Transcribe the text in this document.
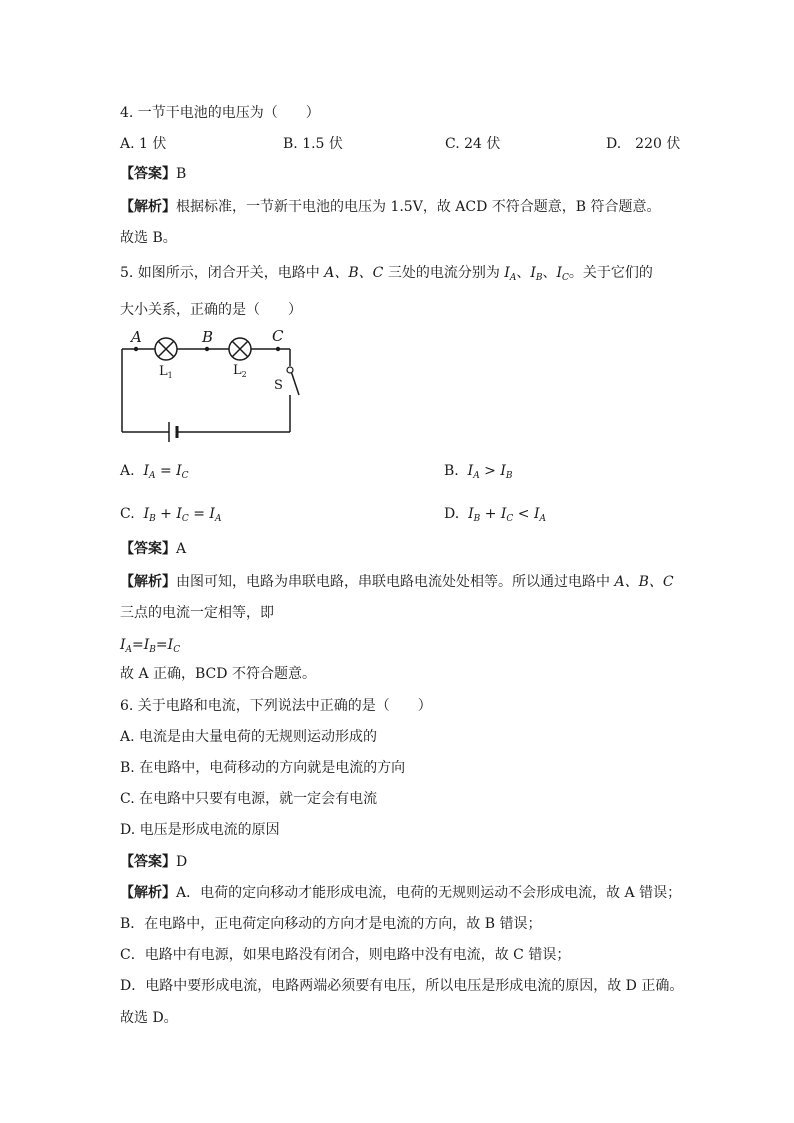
4. 一节干电池的电压为（　　）
A. 1 伏	B. 1.5 伏	C. 24 伏	D.　220 伏
【答案】B
【解析】根据标准，一节新干电池的电压为 1.5V，故 ACD 不符合题意，B 符合题意。
故选 B。
5. 如图所示，闭合开关，电路中 A、B、C 三处的电流分别为 $I_A$、$I_B$、$I_C$。关于它们的
大小关系，正确的是（　　）
A	B	C
$L_1$	$L_2$
S
A. $I_A = I_C$	B. $I_A > I_B$
C. $I_B + I_C = I_A$	D. $I_B + I_C < I_A$
【答案】A
【解析】由图可知，电路为串联电路，串联电路电流处处相等。所以通过电路中 A、B、C
三点的电流一定相等，即
$I_A=I_B=I_C$
故 A 正确，BCD 不符合题意。
6. 关于电路和电流，下列说法中正确的是（　　）
A. 电流是由大量电荷的无规则运动形成的
B. 在电路中，电荷移动的方向就是电流的方向
C. 在电路中只要有电源，就一定会有电流
D. 电压是形成电流的原因
【答案】D
【解析】A．电荷的定向移动才能形成电流，电荷的无规则运动不会形成电流，故 A 错误；
B．在电路中，正电荷定向移动的方向才是电流的方向，故 B 错误；
C．电路中有电源，如果电路没有闭合，则电路中没有电流，故 C 错误；
D．电路中要形成电流，电路两端必须要有电压，所以电压是形成电流的原因，故 D 正确。
故选 D。
